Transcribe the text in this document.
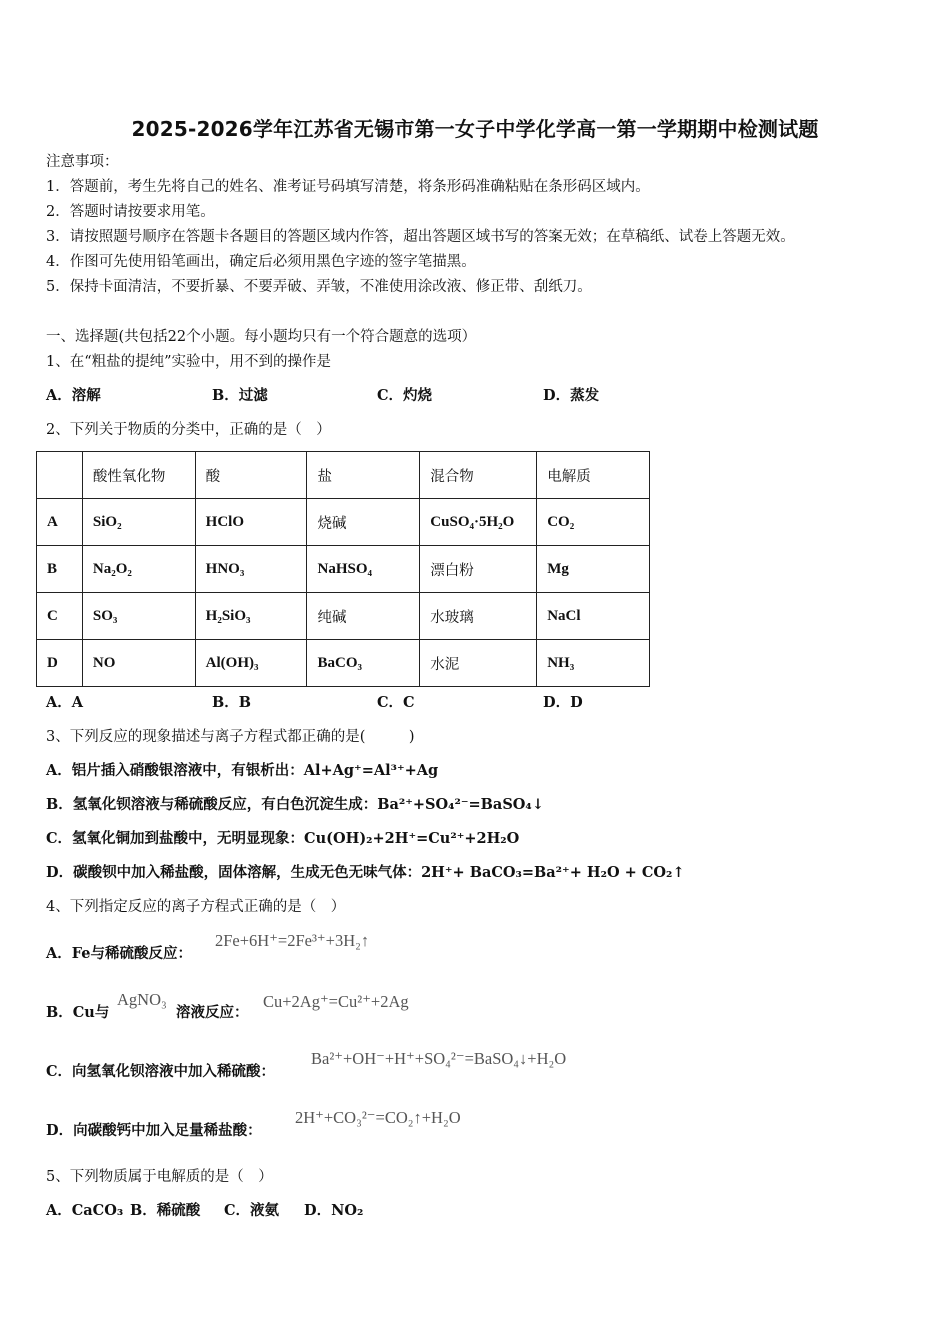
2025-2026学年江苏省无锡市第一女子中学化学高一第一学期期中检测试题
注意事项：
1．答题前，考生先将自己的姓名、准考证号码填写清楚，将条形码准确粘贴在条形码区域内。
2．答题时请按要求用笔。
3．请按照题号顺序在答题卡各题目的答题区域内作答，超出答题区域书写的答案无效；在草稿纸、试卷上答题无效。
4．作图可先使用铅笔画出，确定后必须用黑色字迹的签字笔描黑。
5．保持卡面清洁，不要折暴、不要弄破、弄皱，不准使用涂改液、修正带、刮纸刀。
一、选择题(共包括22个小题。每小题均只有一个符合题意的选项）
1、在“粗盐的提纯”实验中，用不到的操作是
A．溶解	B．过滤	C．灼烧	D．蒸发
2、下列关于物质的分类中，正确的是（　）
	酸性氧化物	酸	盐	混合物	电解质
A	SiO₂	HClO	烧碱	CuSO₄·5H₂O	CO₂
B	Na₂O₂	HNO₃	NaHSO₄	漂白粉	Mg
C	SO₃	H₂SiO₃	纯碱	水玻璃	NaCl
D	NO	Al(OH)₃	BaCO₃	水泥	NH₃
A．A	B．B	C．C	D．D
3、下列反应的现象描述与离子方程式都正确的是(　　　)
A．铝片插入硝酸银溶液中，有银析出：Al+Ag⁺=Al³⁺+Ag
B．氢氧化钡溶液与稀硫酸反应，有白色沉淀生成：Ba²⁺+SO₄²⁻=BaSO₄↓
C．氢氧化铜加到盐酸中，无明显现象：Cu(OH)₂+2H⁺=Cu²⁺+2H₂O
D．碳酸钡中加入稀盐酸，固体溶解，生成无色无味气体：2H⁺+ BaCO₃=Ba²⁺+ H₂O + CO₂↑
4、下列指定反应的离子方程式正确的是（　）
A．Fe与稀硫酸反应：
2Fe+6H⁺=2Fe³⁺+3H₂↑
B．Cu与
AgNO₃
溶液反应：
Cu+2Ag⁺=Cu²⁺+2Ag
C．向氢氧化钡溶液中加入稀硫酸：
Ba²⁺+OH⁻+H⁺+SO₄²⁻=BaSO₄↓+H₂O
D．向碳酸钙中加入足量稀盐酸：
2H⁺+CO₃²⁻=CO₂↑+H₂O
5、下列物质属于电解质的是（　）
A．CaCO₃ B．稀硫酸 C．液氨 D．NO₂
